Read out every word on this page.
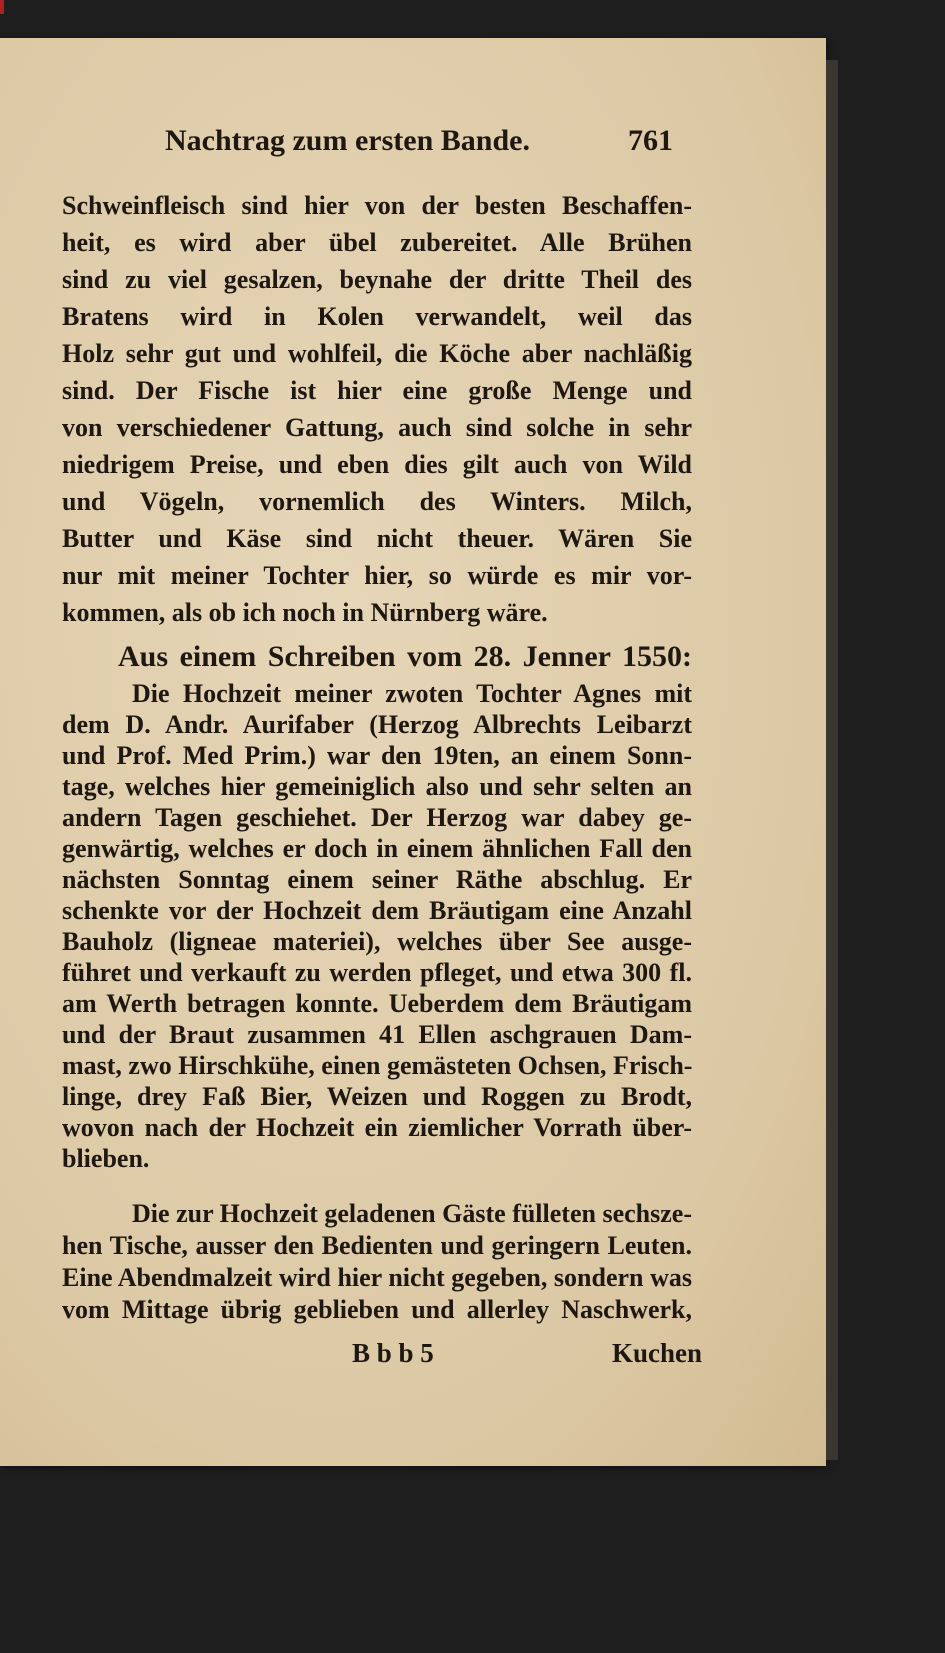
Nachtrag zum ersten Bande.	761
Schweinfleisch sind hier von der besten Beschaffen-
heit, es wird aber übel zubereitet. Alle Brühen
sind zu viel gesalzen, beynahe der dritte Theil des
Bratens wird in Kolen verwandelt, weil das
Holz sehr gut und wohlfeil, die Köche aber nachläßig
sind. Der Fische ist hier eine große Menge und
von verschiedener Gattung, auch sind solche in sehr
niedrigem Preise, und eben dies gilt auch von Wild
und Vögeln, vornemlich des Winters. Milch,
Butter und Käse sind nicht theuer. Wären Sie
nur mit meiner Tochter hier, so würde es mir vor-
kommen, als ob ich noch in Nürnberg wäre.
Aus einem Schreiben vom 28. Jenner 1550:
Die Hochzeit meiner zwoten Tochter Agnes mit
dem D. Andr. Aurifaber (Herzog Albrechts Leibarzt
und Prof. Med Prim.) war den 19ten, an einem Sonn-
tage, welches hier gemeiniglich also und sehr selten an
andern Tagen geschiehet. Der Herzog war dabey ge-
genwärtig, welches er doch in einem ähnlichen Fall den
nächsten Sonntag einem seiner Räthe abschlug. Er
schenkte vor der Hochzeit dem Bräutigam eine Anzahl
Bauholz (ligneae materiei), welches über See ausge-
führet und verkauft zu werden pfleget, und etwa 300 fl.
am Werth betragen konnte. Ueberdem dem Bräutigam
und der Braut zusammen 41 Ellen aschgrauen Dam-
mast, zwo Hirschkühe, einen gemästeten Ochsen, Frisch-
linge, drey Faß Bier, Weizen und Roggen zu Brodt,
wovon nach der Hochzeit ein ziemlicher Vorrath über-
blieben.
Die zur Hochzeit geladenen Gäste fülleten sechsze-
hen Tische, ausser den Bedienten und geringern Leuten.
Eine Abendmalzeit wird hier nicht gegeben, sondern was
vom Mittage übrig geblieben und allerley Naschwerk,
B b b 5	Kuchen
